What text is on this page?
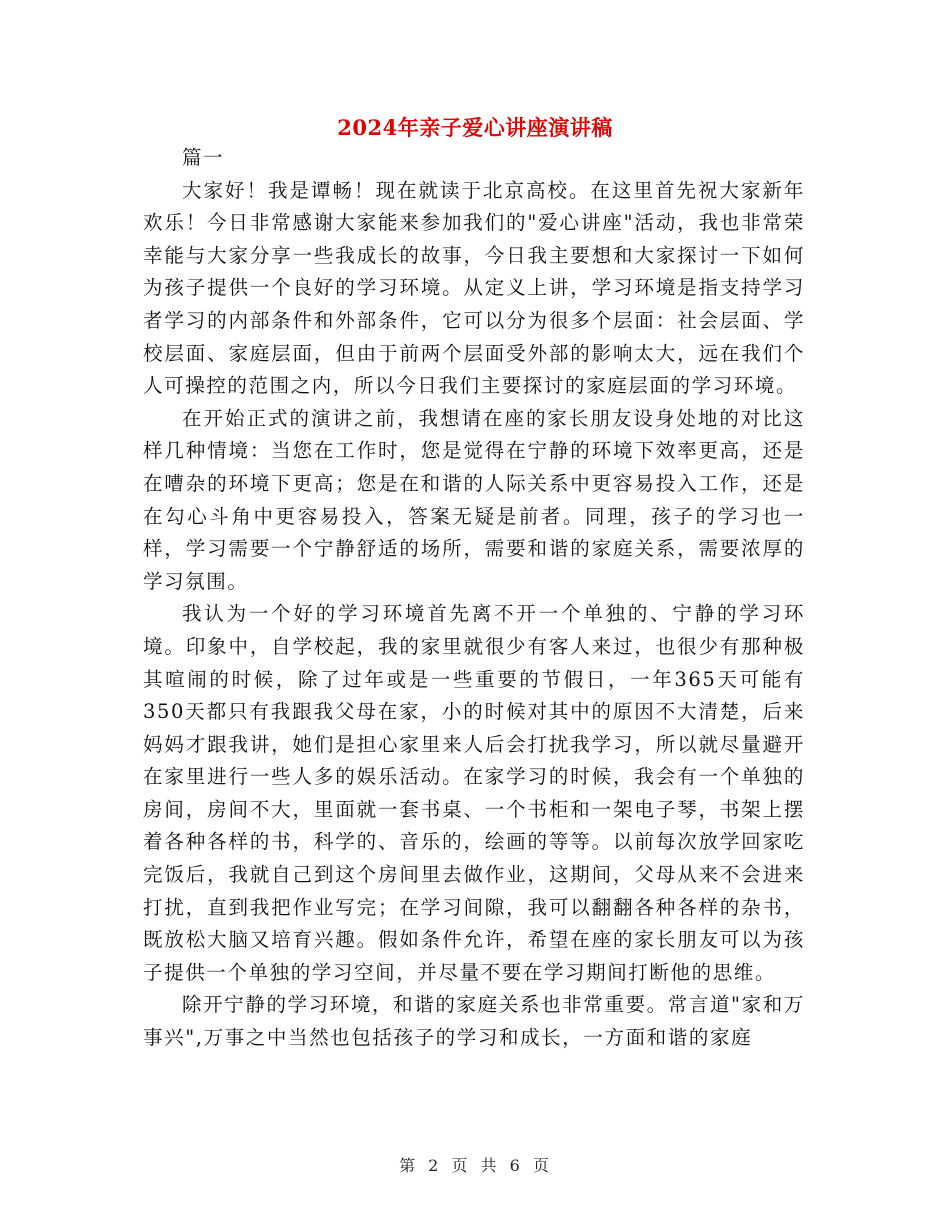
2024年亲子爱心讲座演讲稿

篇一

大家好！我是谭畅！现在就读于北京高校。在这里首先祝大家新年欢乐！今日非常感谢大家能来参加我们的"爱心讲座"活动，我也非常荣幸能与大家分享一些我成长的故事，今日我主要想和大家探讨一下如何为孩子提供一个良好的学习环境。从定义上讲，学习环境是指支持学习者学习的内部条件和外部条件，它可以分为很多个层面：社会层面、学校层面、家庭层面，但由于前两个层面受外部的影响太大，远在我们个人可操控的范围之内，所以今日我们主要探讨的家庭层面的学习环境。

在开始正式的演讲之前，我想请在座的家长朋友设身处地的对比这样几种情境：当您在工作时，您是觉得在宁静的环境下效率更高，还是在嘈杂的环境下更高；您是在和谐的人际关系中更容易投入工作，还是在勾心斗角中更容易投入，答案无疑是前者。同理，孩子的学习也一样，学习需要一个宁静舒适的场所，需要和谐的家庭关系，需要浓厚的学习氛围。

我认为一个好的学习环境首先离不开一个单独的、宁静的学习环境。印象中，自学校起，我的家里就很少有客人来过，也很少有那种极其喧闹的时候，除了过年或是一些重要的节假日，一年365天可能有350天都只有我跟我父母在家，小的时候对其中的原因不大清楚，后来妈妈才跟我讲，她们是担心家里来人后会打扰我学习，所以就尽量避开在家里进行一些人多的娱乐活动。在家学习的时候，我会有一个单独的房间，房间不大，里面就一套书桌、一个书柜和一架电子琴，书架上摆着各种各样的书，科学的、音乐的，绘画的等等。以前每次放学回家吃完饭后，我就自己到这个房间里去做作业，这期间，父母从来不会进来打扰，直到我把作业写完；在学习间隙，我可以翻翻各种各样的杂书，既放松大脑又培育兴趣。假如条件允许，希望在座的家长朋友可以为孩子提供一个单独的学习空间，并尽量不要在学习期间打断他的思维。

除开宁静的学习环境，和谐的家庭关系也非常重要。常言道"家和万事兴",万事之中当然也包括孩子的学习和成长，一方面和谐的家庭

第 2 页 共 6 页
